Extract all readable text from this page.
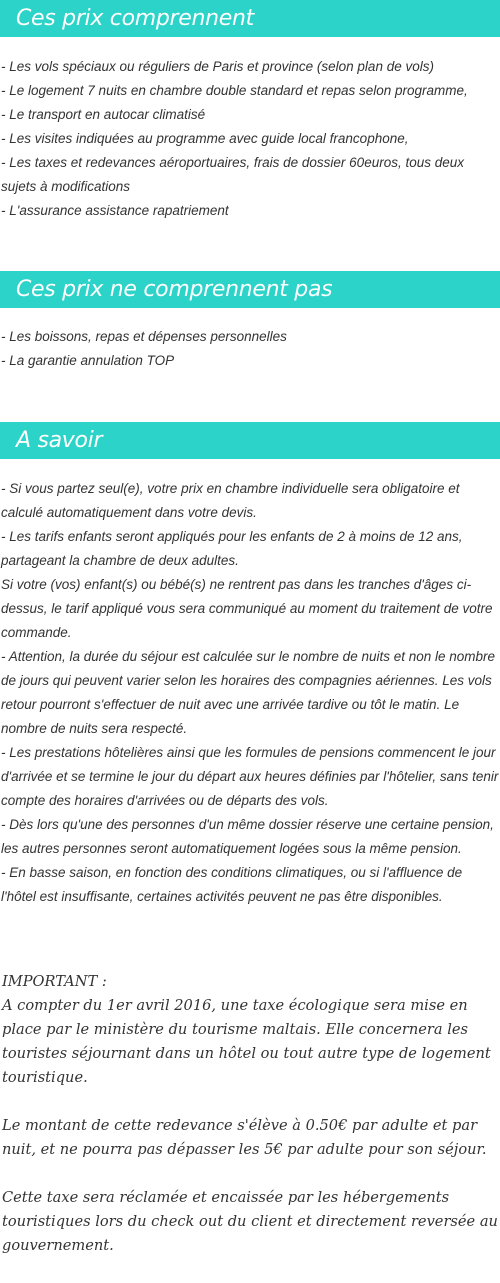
Ces prix comprennent
- Les vols spéciaux ou réguliers de Paris et province (selon plan de vols)
- Le logement 7 nuits en chambre double standard et repas selon programme,
- Le transport en autocar climatisé
- Les visites indiquées au programme avec guide local francophone,
- Les taxes et redevances aéroportuaires, frais de dossier 60euros, tous deux sujets à modifications
- L'assurance assistance rapatriement
Ces prix ne comprennent pas
- Les boissons, repas et dépenses personnelles
- La garantie annulation TOP
A savoir
- Si vous partez seul(e), votre prix en chambre individuelle sera obligatoire et calculé automatiquement dans votre devis.
- Les tarifs enfants seront appliqués pour les enfants de 2 à moins de 12 ans, partageant la chambre de deux adultes.
Si votre (vos) enfant(s) ou bébé(s) ne rentrent pas dans les tranches d'âges ci-dessus, le tarif appliqué vous sera communiqué au moment du traitement de votre commande.
- Attention, la durée du séjour est calculée sur le nombre de nuits et non le nombre de jours qui peuvent varier selon les horaires des compagnies aériennes. Les vols retour pourront s'effectuer de nuit avec une arrivée tardive ou tôt le matin. Le nombre de nuits sera respecté.
- Les prestations hôtelières ainsi que les formules de pensions commencent le jour d'arrivée et se termine le jour du départ aux heures définies par l'hôtelier, sans tenir compte des horaires d'arrivées ou de départs des vols.
- Dès lors qu'une des personnes d'un même dossier réserve une certaine pension, les autres personnes seront automatiquement logées sous la même pension.
- En basse saison, en fonction des conditions climatiques, ou si l'affluence de l'hôtel est insuffisante, certaines activités peuvent ne pas être disponibles.

IMPORTANT :

A compter du 1er avril 2016, une taxe écologique sera mise en place par le ministère du tourisme maltais. Elle concernera les touristes séjournant dans un hôtel ou tout autre type de logement touristique.

Le montant de cette redevance s'élève à 0.50€ par adulte et par nuit, et ne pourra pas dépasser les 5€ par adulte pour son séjour.

Cette taxe sera réclamée et encaissée par les hébergements touristiques lors du check out du client et directement reversée au gouvernement.
